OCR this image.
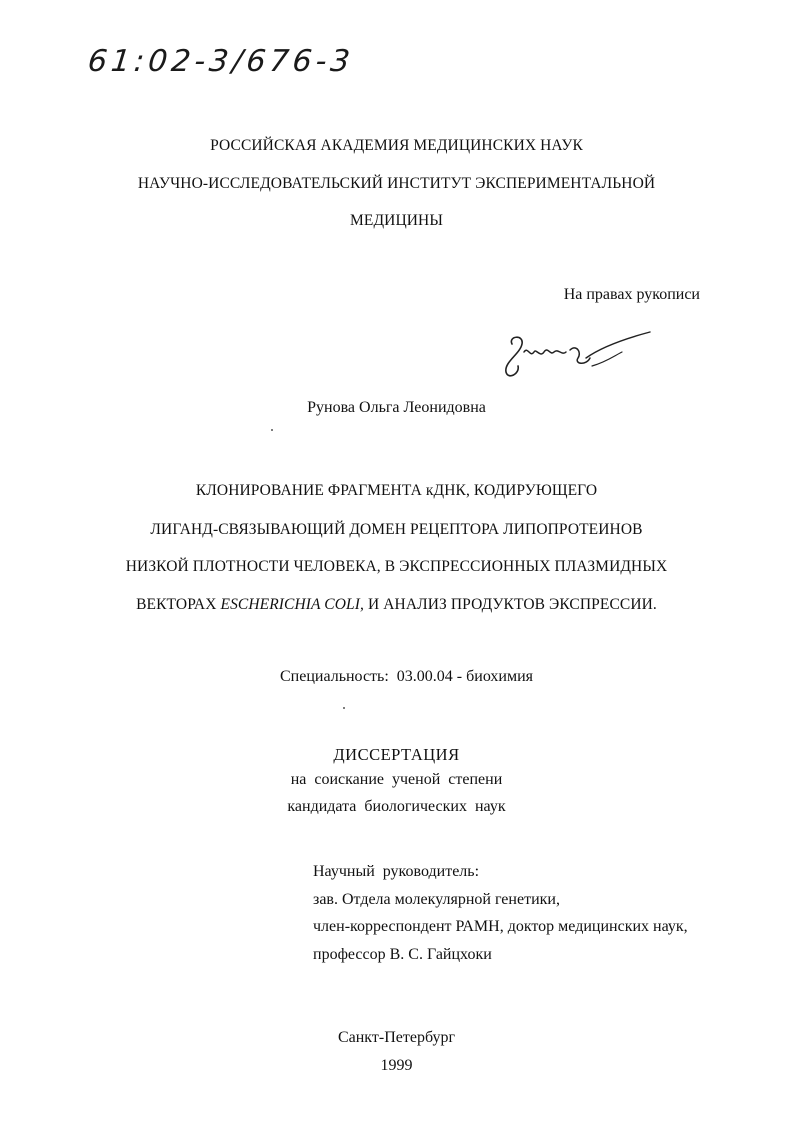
61:02-3/676-3
РОССИЙСКАЯ АКАДЕМИЯ МЕДИЦИНСКИХ НАУК
НАУЧНО-ИССЛЕДОВАТЕЛЬСКИЙ ИНСТИТУТ ЭКСПЕРИМЕНТАЛЬНОЙ
МЕДИЦИНЫ
На правах рукописи
Рунова Ольга Леонидовна
КЛОНИРОВАНИЕ ФРАГМЕНТА кДНК, КОДИРУЮЩЕГО
ЛИГАНД-СВЯЗЫВАЮЩИЙ ДОМЕН РЕЦЕПТОРА ЛИПОПРОТЕИНОВ
НИЗКОЙ ПЛОТНОСТИ ЧЕЛОВЕКА, В ЭКСПРЕССИОННЫХ ПЛАЗМИДНЫХ
ВЕКТОРАХ ESCHERICHIA COLI, И АНАЛИЗ ПРОДУКТОВ ЭКСПРЕССИИ.
Специальность:  03.00.04 - биохимия
ДИССЕРТАЦИЯ
на  соискание  ученой  степени
кандидата  биологических  наук
Научный  руководитель:
зав. Отдела молекулярной генетики,
член-корреспондент РАМН, доктор медицинских наук,
профессор В. С. Гайцхоки
Санкт-Петербург
1999
